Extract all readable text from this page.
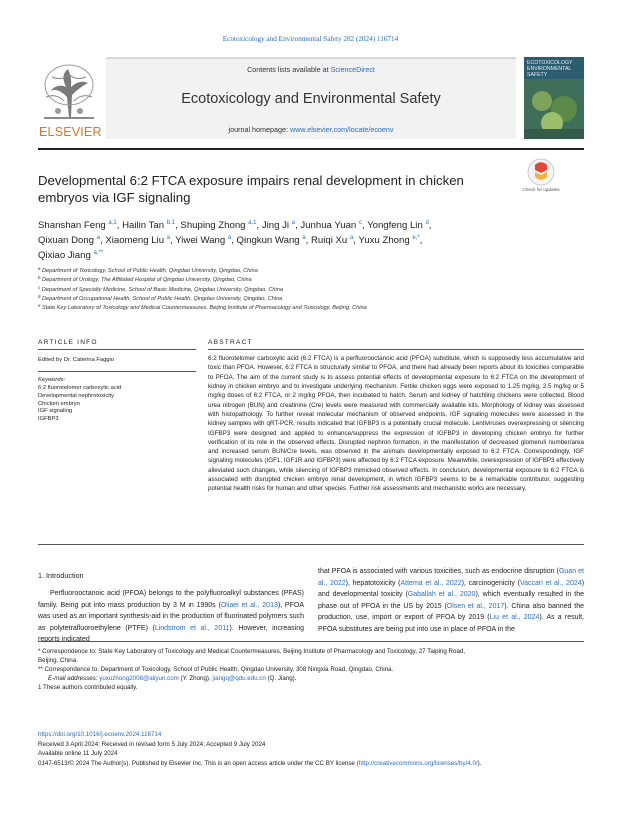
Ecotoxicology and Environmental Safety 282 (2024) 116714
ELSEVIER
Contents lists available at ScienceDirect
Ecotoxicology and Environmental Safety
journal homepage: www.elsevier.com/locate/ecoenv
ECOTOXICOLOGY ENVIRONMENTAL SAFETY
Developmental 6:2 FTCA exposure impairs renal development in chicken embryos via IGF signaling
Check for updates
Shanshan Feng $^{a,1}$, Hailin Tan $^{b,1}$, Shuping Zhong $^{a,1}$, Jing Ji $^a$, Junhua Yuan $^c$, Yongfeng Lin $^d$,
Qixuan Dong $^a$, Xiaomeng Liu $^a$, Yiwei Wang $^a$, Qingkun Wang $^a$, Ruiqi Xu $^a$, Yuxu Zhong $^{e,*}$,
Qixiao Jiang $^{a,**}$
$^a$ Department of Toxicology, School of Public Health, Qingdao University, Qingdao, China
$^b$ Department of Urology, The Affiliated Hospital of Qingdao University, Qingdao, China
$^c$ Department of Specialty Medicine, School of Basic Medicine, Qingdao University, Qingdao, China
$^d$ Department of Occupational Health, School of Public Health, Qingdao University, Qingdao, China
$^e$ State Key Laboratory of Toxicology and Medical Countermeasures, Beijing Institute of Pharmacology and Toxicology, Beijing, China
ARTICLE INFO
Edited by Dr. Caterina Faggio
Keywords:
6:2 fluorotelomer carboxylic acid
Developmental nephrotoxicity
Chicken embryo
IGF signaling
IGFBP3
ABSTRACT
6:2 fluorotelomer carboxylic acid (6:2 FTCA) is a perfluorooctanoic acid (PFOA) substitute, which is supposedly less accumulative and toxic than PFOA. However, 6:2 FTCA is structurally similar to PFOA, and there had already been reports about its toxicities comparable to PFOA. The aim of the current study is to assess potential effects of developmental exposure to 6:2 FTCA on the development of kidney in chicken embryo and to investigate underlying mechanism. Fertile chicken eggs were exposed to 1.25 mg/kg, 2.5 mg/kg or 5 mg/kg doses of 6:2 FTCA, or 2 mg/kg PFOA, then incubated to hatch. Serum and kidney of hatchling chickens were collected. Blood urea nitrogen (BUN) and creatinine (Cre) levels were measured with commercially available kits. Morphology of kidney was assessed with histopathology. To further reveal molecular mechanism of observed endpoints, IGF signaling molecules were assessed in the kidney samples with qRT-PCR, results indicated that IGFBP3 is a potentially crucial molecule. Lentiviruses overexpressing or silencing IGFBP3 were designed and applied to enhance/suppress the expression of IGFBP3 in developing chicken embryo for further verification of its role in the observed effects. Disrupted nephron formation, in the manifestation of decreased glomeruli number/area and increased serum BUN/Cre levels, was observed in the animals developmentally exposed to 6:2 FTCA. Correspondingly, IGF signaling molecules (IGF1, IGF1R and IGFBP3) were affected by 6:2 FTCA exposure. Meanwhile, overexpression of IGFBP3 effectively alleviated such changes, while silencing of IGFBP3 mimicked observed effects. In conclusion, developmental exposure to 6:2 FTCA is associated with disrupted chicken embryo renal development, in which IGFBP3 seems to be a remarkable contributor, suggesting potential health risks for human and other species. Further risk assessments and mechanistic works are necessary.
1. Introduction
Perfluorooctanoic acid (PFOA) belongs to the polyfluoroalkyl substances (PFAS) family. Being put into mass production by 3 M in 1990s (Oliaei et al., 2013), PFOA was used as an important synthesis-aid in the production of fluorinated polymers such as polytetrafluoroethylene (PTFE) (Lindstrom et al., 2011). However, increasing reports indicated
that PFOA is associated with various toxicities, such as endocrine disruption (Guan et al., 2022), hepatotoxicity (Attema et al., 2022), carcinogenicity (Vaccari et al., 2024) and developmental toxicity (Gaballah et al., 2020), which eventually resulted in the phase out of PFOA in the US by 2015 (Olsen et al., 2017). China also banned the production, use, import or export of PFOA by 2019 (Liu et al., 2024). As a result, PFOA substitutes are being put into use in place of PFOA in the
* Correspondence to: State Key Laboratory of Toxicology and Medical Countermeasures, Beijing Institute of Pharmacology and Toxicology, 27 Taiping Road,
Beijing, China.
** Correspondence to: Department of Toxicology, School of Public Health, Qingdao University, 308 Ningxia Road, Qingdao, China.
E-mail addresses: yuxuzhong2008@aliyun.com (Y. Zhong), jiangq@qdu.edu.cn (Q. Jiang).
1 These authors contributed equally.
https://doi.org/10.1016/j.ecoenv.2024.116714
Received 3 April 2024; Received in revised form 5 July 2024; Accepted 9 July 2024
Available online 11 July 2024
0147-6513/© 2024 The Author(s). Published by Elsevier Inc. This is an open access article under the CC BY license (http://creativecommons.org/licenses/by/4.0/).
